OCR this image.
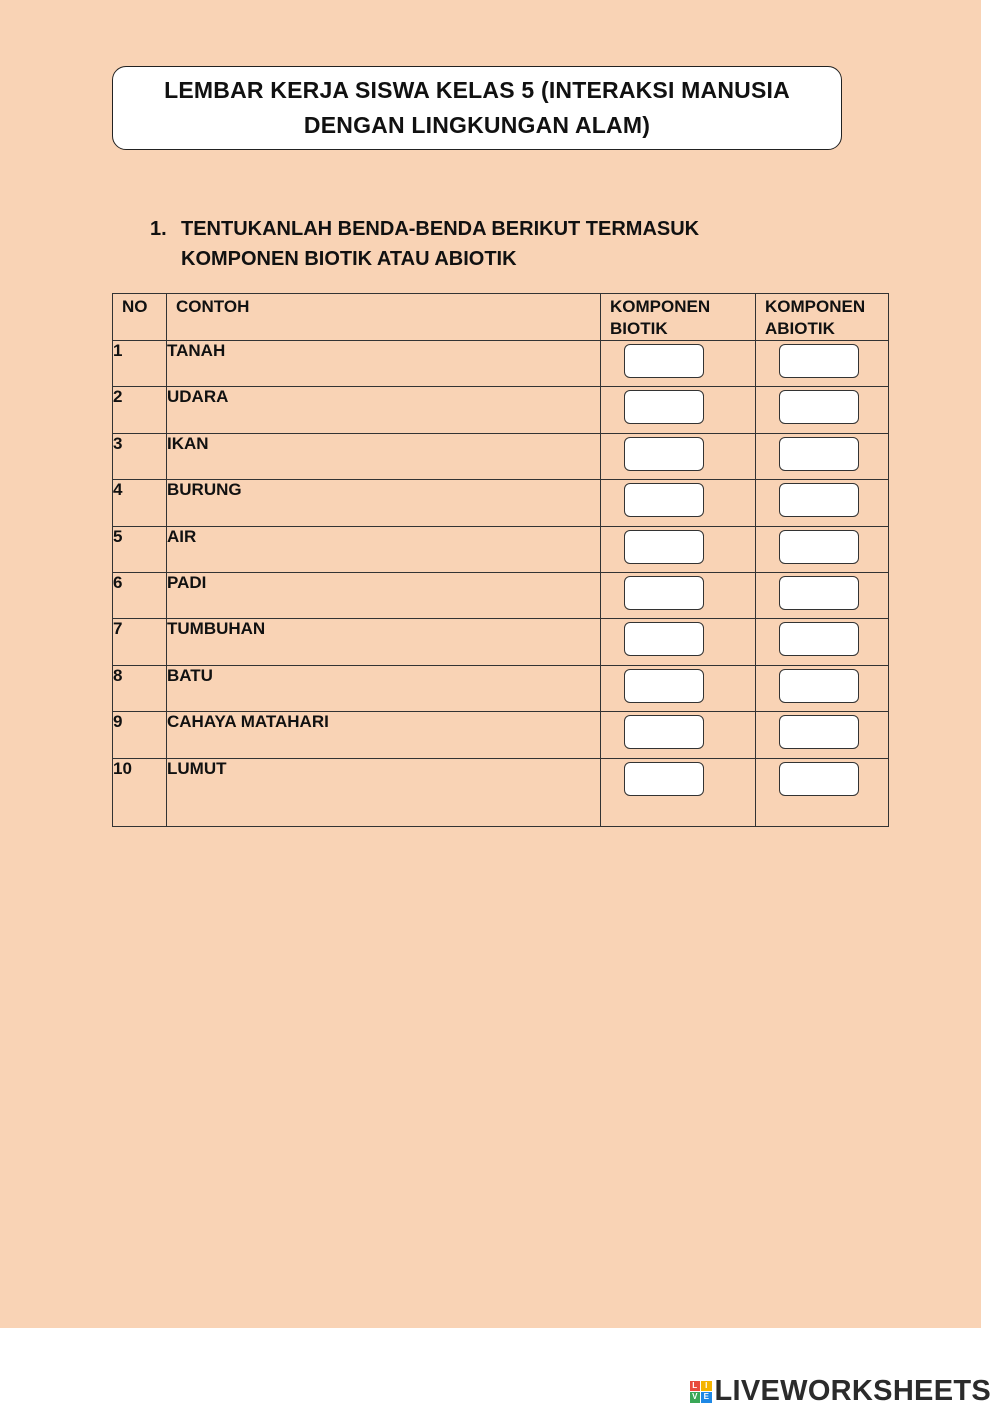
LEMBAR KERJA SISWA KELAS 5 (INTERAKSI MANUSIA DENGAN LINGKUNGAN ALAM)
1. TENTUKANLAH BENDA-BENDA BERIKUT TERMASUK KOMPONEN BIOTIK ATAU ABIOTIK
NO	CONTOH	KOMPONEN BIOTIK	KOMPONEN ABIOTIK
1	TANAH	

2	UDARA	

3	IKAN	

4	BURUNG	

5	AIR	

6	PADI	

7	TUMBUHAN	

8	BATU	

9	CAHAYA MATAHARI	

10	LUMUT	

L I
V E LIVEWORKSHEETS
